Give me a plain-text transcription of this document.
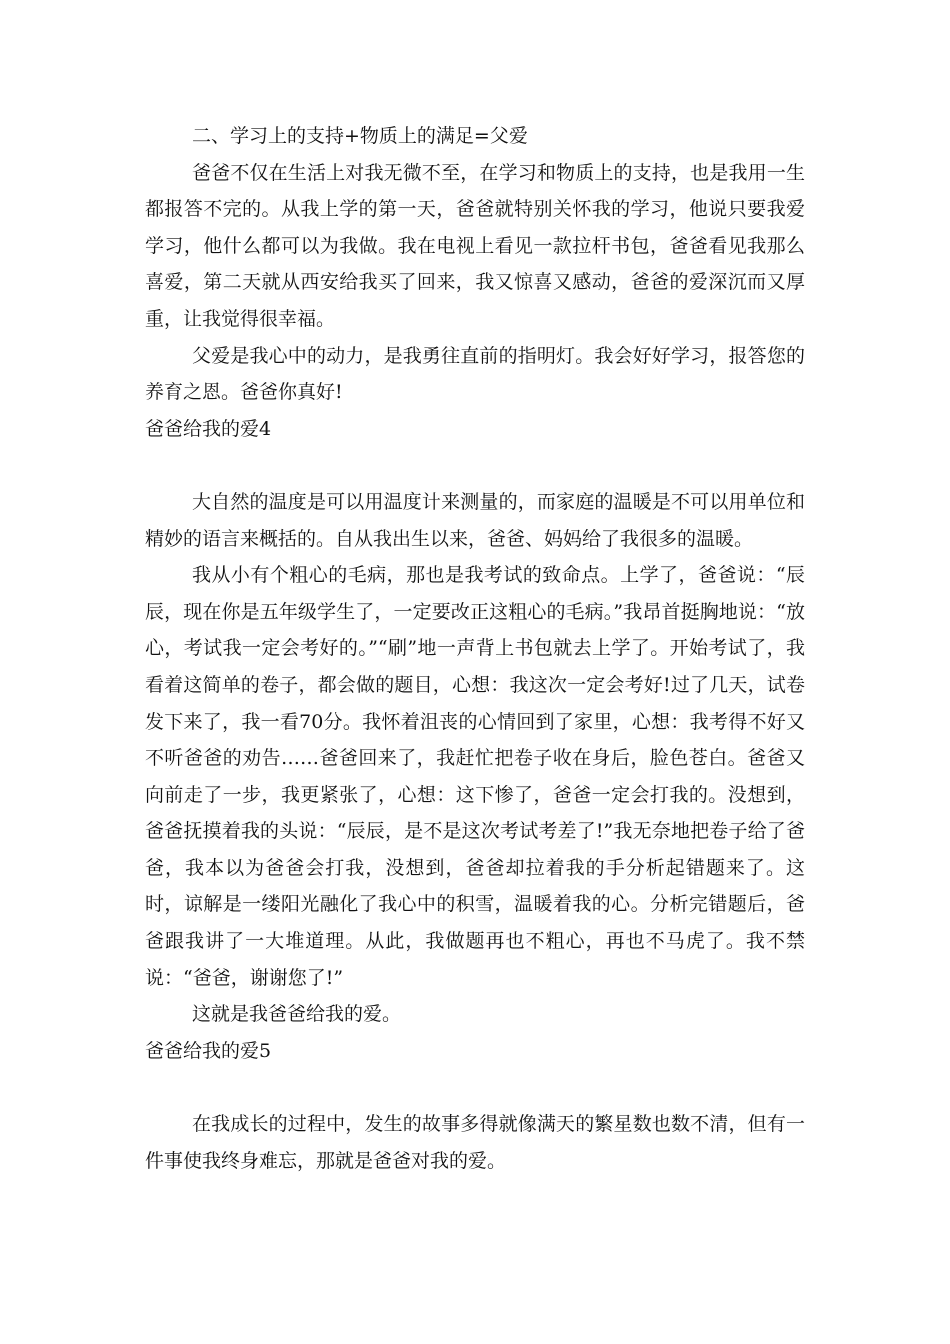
二、学习上的支持+物质上的满足=父爱

爸爸不仅在生活上对我无微不至，在学习和物质上的支持，也是我用一生都报答不完的。从我上学的第一天，爸爸就特别关怀我的学习，他说只要我爱学习，他什么都可以为我做。我在电视上看见一款拉杆书包，爸爸看见我那么喜爱，第二天就从西安给我买了回来，我又惊喜又感动，爸爸的爱深沉而又厚重，让我觉得很幸福。

父爱是我心中的动力，是我勇往直前的指明灯。我会好好学习，报答您的养育之恩。爸爸你真好!

爸爸给我的爱4

大自然的温度是可以用温度计来测量的，而家庭的温暖是不可以用单位和精妙的语言来概括的。自从我出生以来，爸爸、妈妈给了我很多的温暖。

我从小有个粗心的毛病，那也是我考试的致命点。上学了，爸爸说：“辰辰，现在你是五年级学生了，一定要改正这粗心的毛病。”我昂首挺胸地说：“放心，考试我一定会考好的。”“刷”地一声背上书包就去上学了。开始考试了，我看着这简单的卷子，都会做的题目，心想：我这次一定会考好!过了几天，试卷发下来了，我一看70分。我怀着沮丧的心情回到了家里，心想：我考得不好又不听爸爸的劝告……爸爸回来了，我赶忙把卷子收在身后，脸色苍白。爸爸又向前走了一步，我更紧张了，心想：这下惨了，爸爸一定会打我的。没想到，爸爸抚摸着我的头说：“辰辰，是不是这次考试考差了!”我无奈地把卷子给了爸爸，我本以为爸爸会打我，没想到，爸爸却拉着我的手分析起错题来了。这时，谅解是一缕阳光融化了我心中的积雪，温暖着我的心。分析完错题后，爸爸跟我讲了一大堆道理。从此，我做题再也不粗心，再也不马虎了。我不禁说：“爸爸，谢谢您了!”

这就是我爸爸给我的爱。

爸爸给我的爱5

在我成长的过程中，发生的故事多得就像满天的繁星数也数不清，但有一件事使我终身难忘，那就是爸爸对我的爱。
